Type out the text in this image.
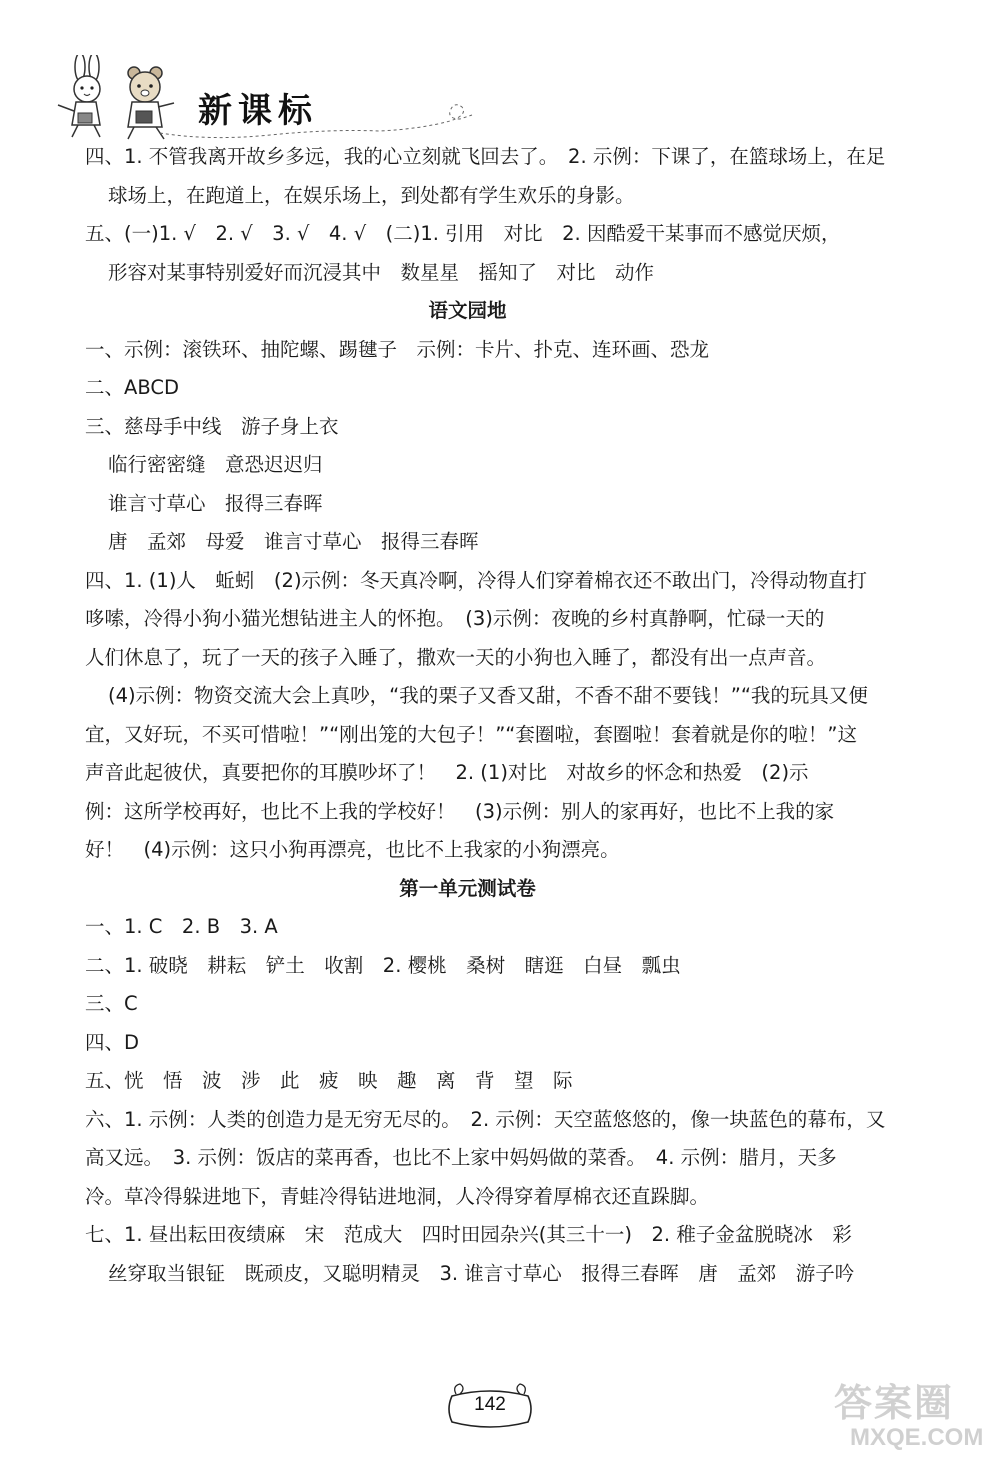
新课标
四、1. 不管我离开故乡多远，我的心立刻就飞回去了。　2. 示例：下课了，在篮球场上，在足
球场上，在跑道上，在娱乐场上，到处都有学生欢乐的身影。
五、(一)1. √　2. √　3. √　4. √　(二)1. 引用　对比　2. 因酷爱干某事而不感觉厌烦，
形容对某事特别爱好而沉浸其中　数星星　摇知了　对比　动作
语文园地
一、示例：滚铁环、抽陀螺、踢毽子　示例：卡片、扑克、连环画、恐龙
二、ABCD
三、慈母手中线　游子身上衣
临行密密缝　意恐迟迟归
谁言寸草心　报得三春晖
唐　孟郊　母爱　谁言寸草心　报得三春晖
四、1. (1)人　蚯蚓　(2)示例：冬天真冷啊，冷得人们穿着棉衣还不敢出门，冷得动物直打
哆嗦，冷得小狗小猫光想钻进主人的怀抱。　(3)示例：夜晚的乡村真静啊，忙碌一天的
人们休息了，玩了一天的孩子入睡了，撒欢一天的小狗也入睡了，都没有出一点声音。
(4)示例：物资交流大会上真吵，“我的栗子又香又甜，不香不甜不要钱！”“我的玩具又便
宜，又好玩，不买可惜啦！”“刚出笼的大包子！”“套圈啦，套圈啦！套着就是你的啦！”这
声音此起彼伏，真要把你的耳膜吵坏了！　2. (1)对比　对故乡的怀念和热爱　(2)示
例：这所学校再好，也比不上我的学校好！　(3)示例：别人的家再好，也比不上我的家
好！　(4)示例：这只小狗再漂亮，也比不上我家的小狗漂亮。
第一单元测试卷
一、1. C　2. B　3. A
二、1. 破晓　耕耘　铲土　收割　2. 樱桃　桑树　瞎逛　白昼　瓢虫
三、C
四、D
五、恍　悟　波　涉　此　疲　映　趣　离　背　望　际
六、1. 示例：人类的创造力是无穷无尽的。　2. 示例：天空蓝悠悠的，像一块蓝色的幕布，又
高又远。　3. 示例：饭店的菜再香，也比不上家中妈妈做的菜香。　4. 示例：腊月，天多
冷。草冷得躲进地下，青蛙冷得钻进地洞，人冷得穿着厚棉衣还直跺脚。
七、1. 昼出耘田夜绩麻　宋　范成大　四时田园杂兴(其三十一)　2. 稚子金盆脱晓冰　彩
丝穿取当银钲　既顽皮，又聪明精灵　3. 谁言寸草心　报得三春晖　唐　孟郊　游子吟
142	答案圈
MXQE.COM
